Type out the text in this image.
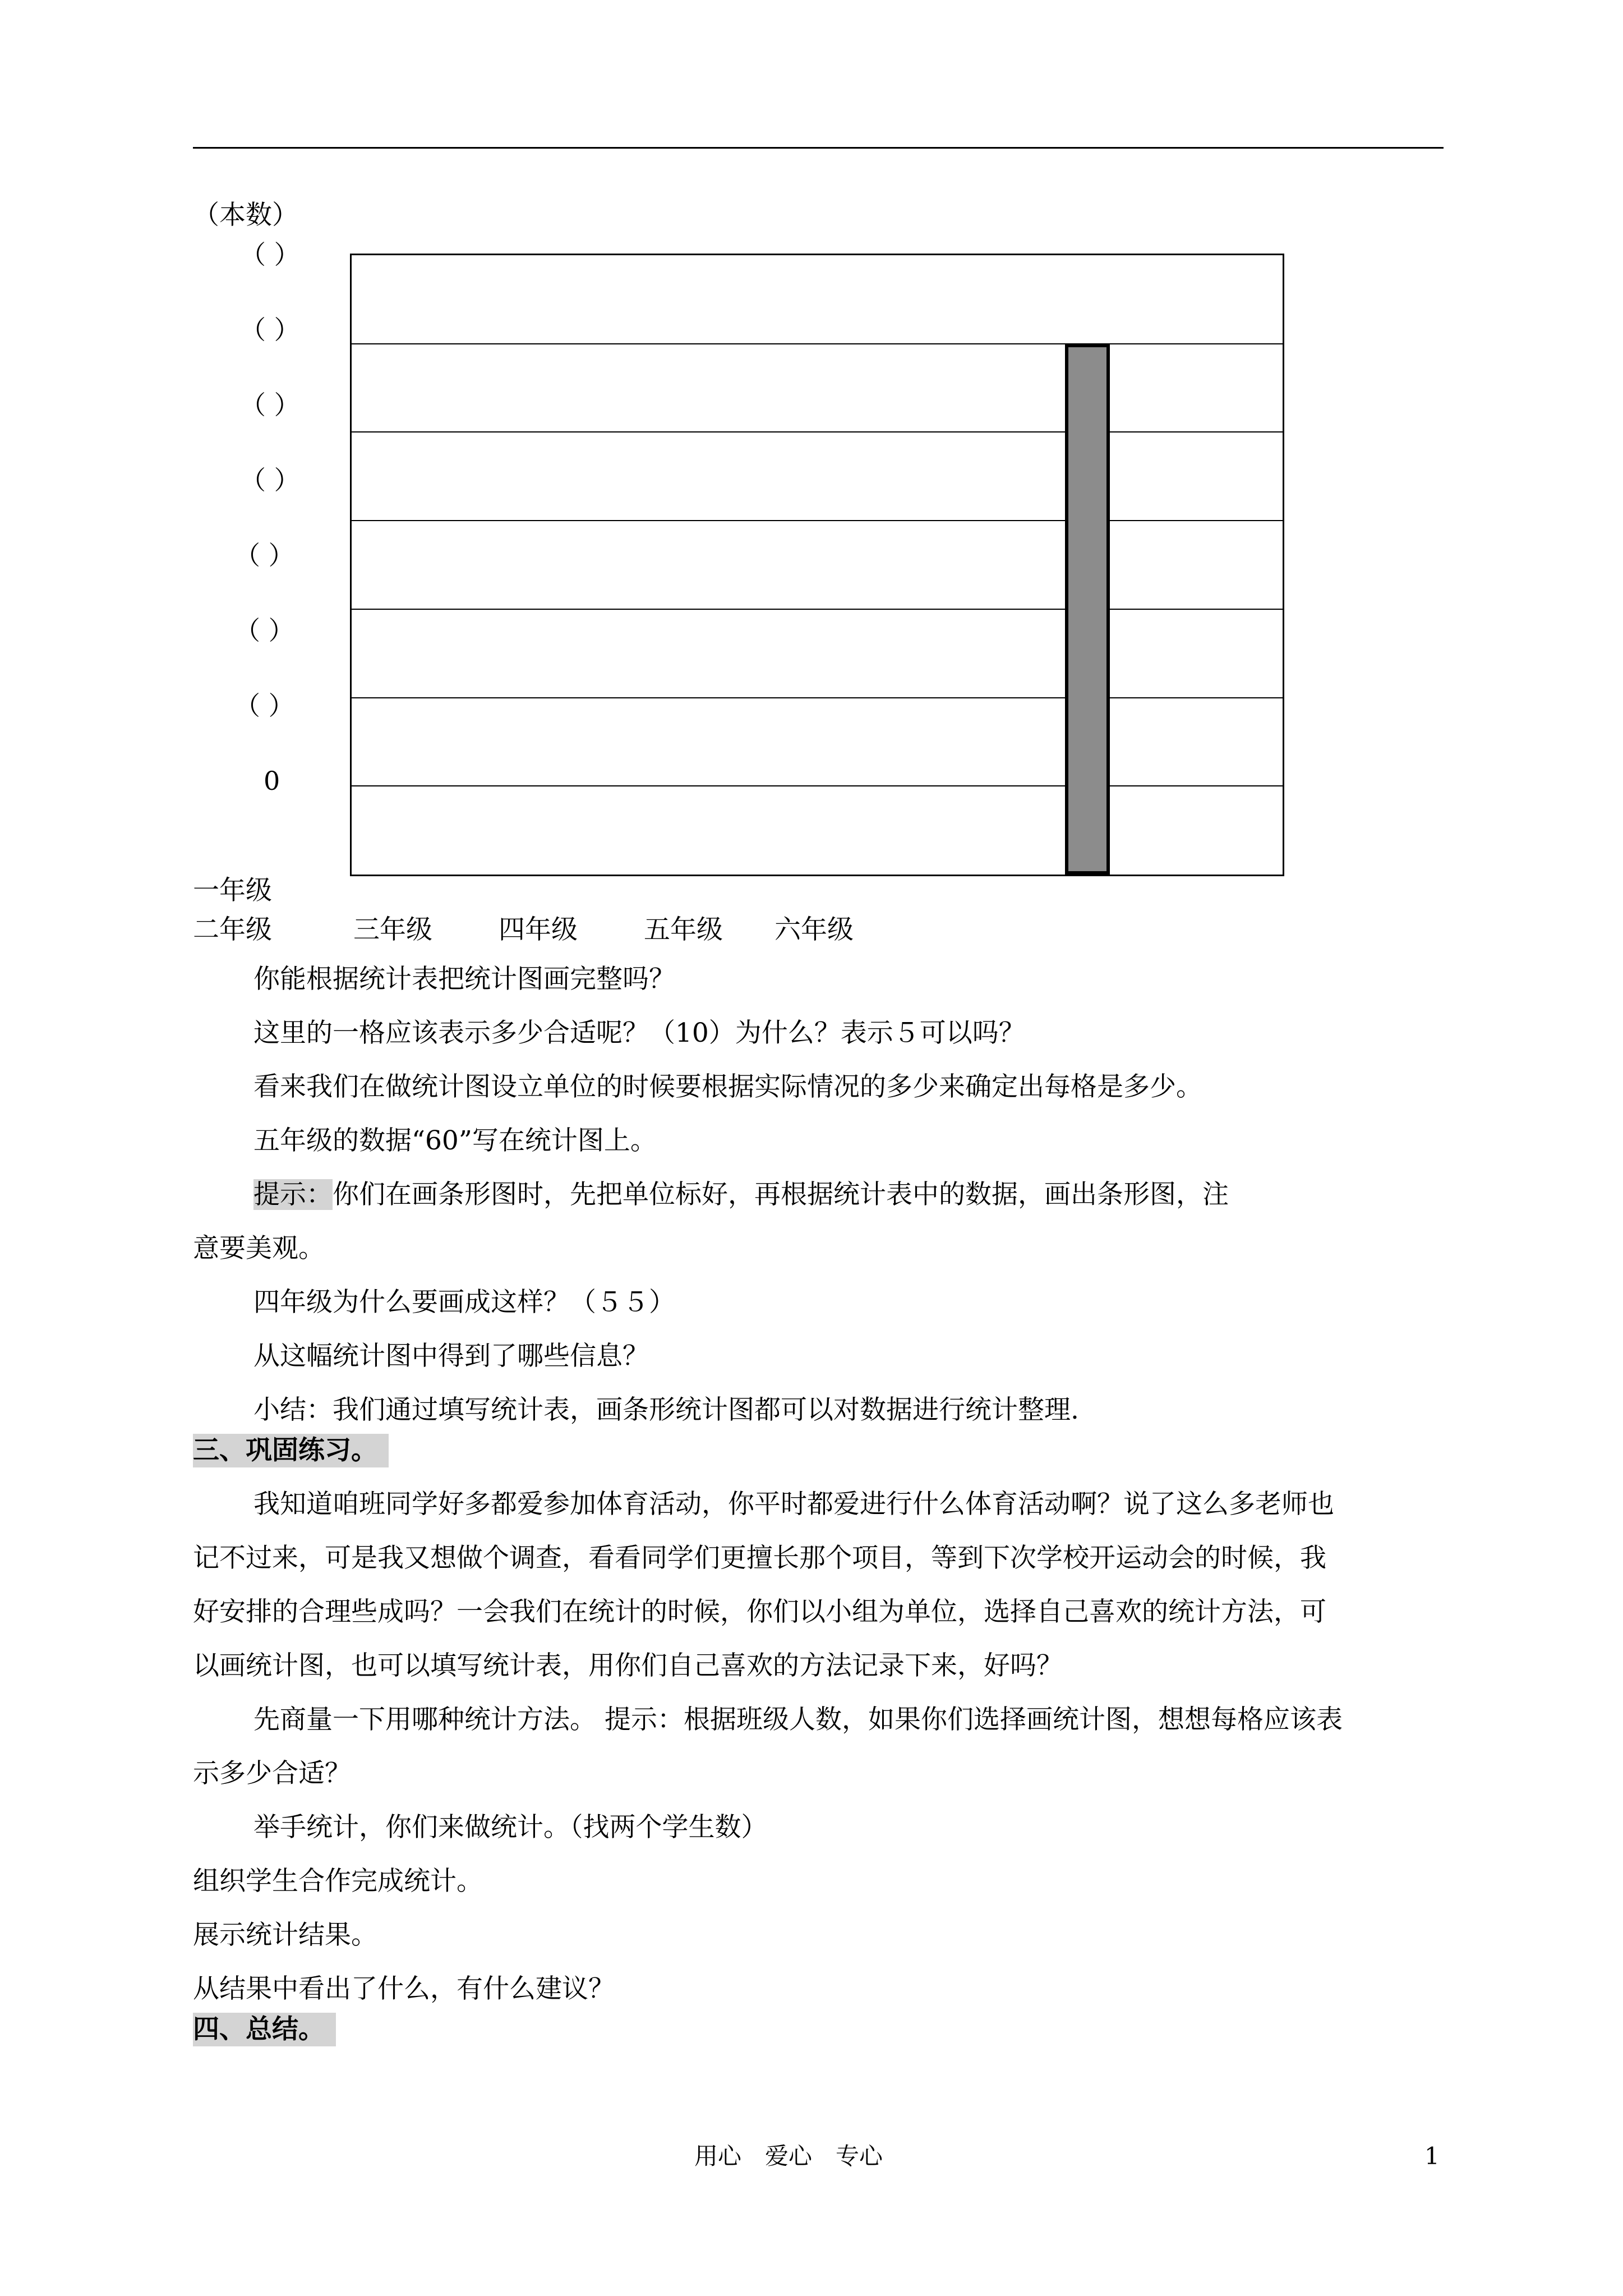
（本数）
（ ）
（ ）
（ ）
（ ）
（ ）
（ ）
（ ）
0
一年级
二年级	三年级	四年级	五年级 六年级
你能根据统计表把统计图画完整吗？
这里的一格应该表示多少合适呢？（10）为什么？表示５可以吗？
看来我们在做统计图设立单位的时候要根据实际情况的多少来确定出每格是多少。
五年级的数据“60”写在统计图上。
提示：你们在画条形图时，先把单位标好，再根据统计表中的数据，画出条形图，注
意要美观。
四年级为什么要画成这样？（５５）
从这幅统计图中得到了哪些信息？
小结：我们通过填写统计表，画条形统计图都可以对数据进行统计整理.
三、巩固练习。
我知道咱班同学好多都爱参加体育活动，你平时都爱进行什么体育活动啊？说了这么多老师也
记不过来，可是我又想做个调查，看看同学们更擅长那个项目，等到下次学校开运动会的时候，我
好安排的合理些成吗？一会我们在统计的时候，你们以小组为单位，选择自己喜欢的统计方法，可
以画统计图，也可以填写统计表，用你们自己喜欢的方法记录下来，好吗？
先商量一下用哪种统计方法。 提示：根据班级人数，如果你们选择画统计图，想想每格应该表
示多少合适？
举手统计，你们来做统计。（找两个学生数）
组织学生合作完成统计。
展示统计结果。
从结果中看出了什么，有什么建议？
四、总结。
用心　爱心　专心	1
